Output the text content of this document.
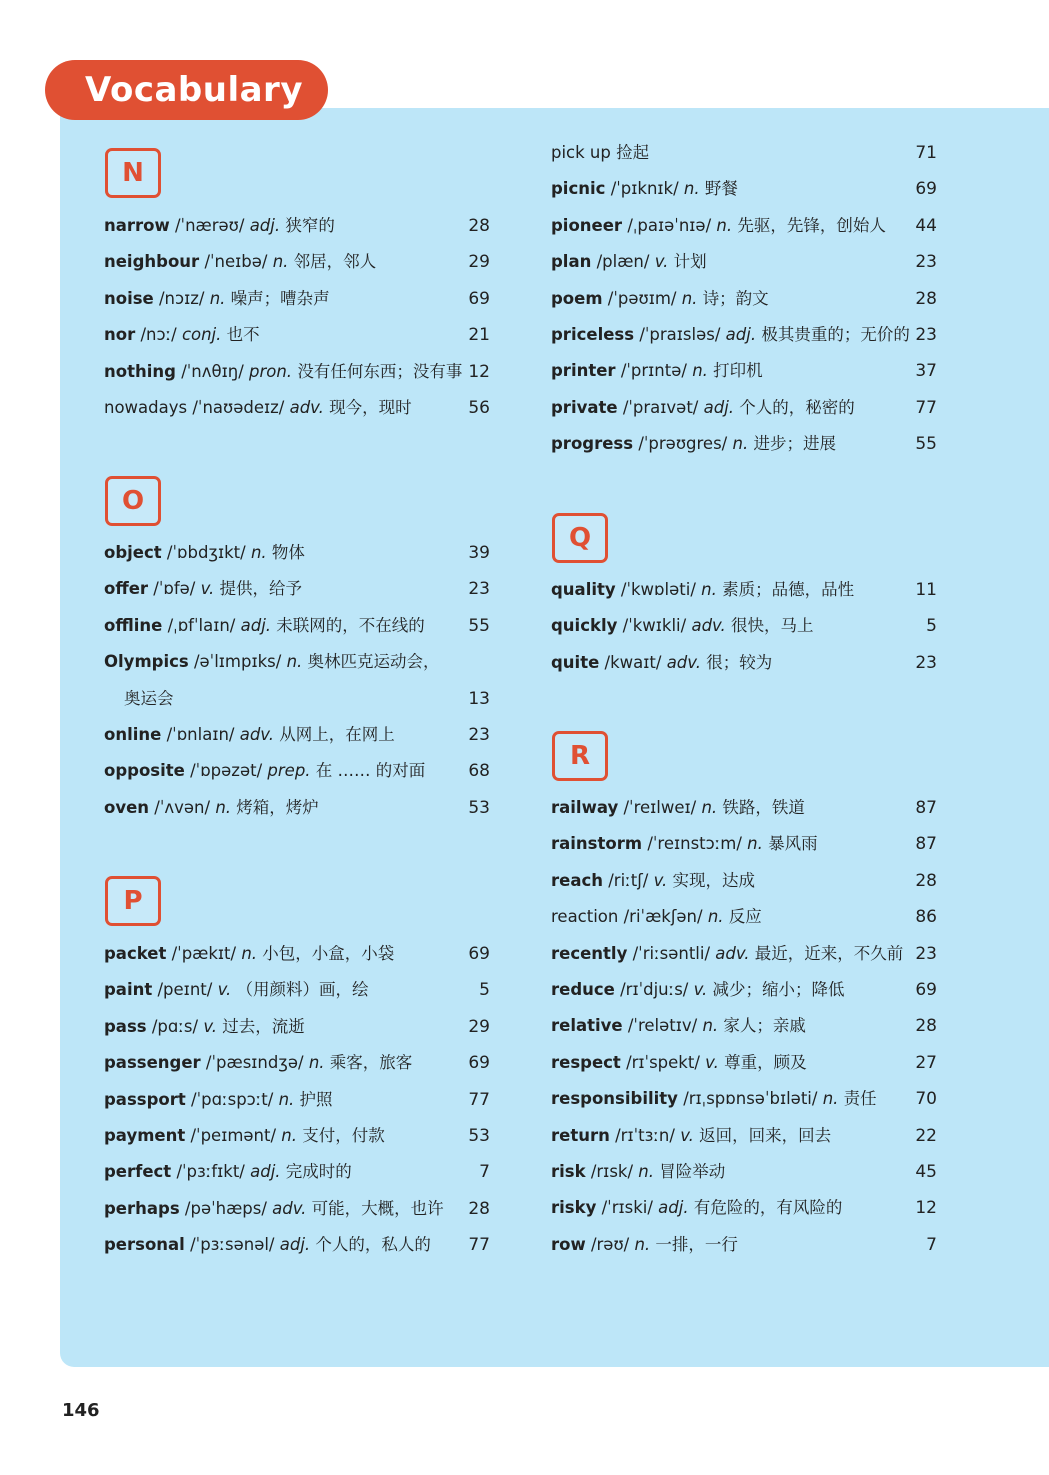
Vocabulary
N
O
P
Q
R
narrow /ˈnærəʊ/ adj. 狭窄的	28
neighbour /ˈneɪbə/ n. 邻居，邻人	29
noise /nɔɪz/ n. 噪声；嘈杂声	69
nor /nɔː/ conj. 也不	21
nothing /ˈnʌθɪŋ/ pron. 没有任何东西；没有事 12
nowadays /ˈnaʊədeɪz/ adv. 现今，现时	56
object /ˈɒbdʒɪkt/ n. 物体	39
offer /ˈɒfə/ v. 提供，给予	23
offline /ˌɒfˈlaɪn/ adj. 未联网的，不在线的	55
Olympics /əˈlɪmpɪks/ n. 奥林匹克运动会，
奥运会	13
online /ˈɒnlaɪn/ adv. 从网上，在网上	23
opposite /ˈɒpəzət/ prep. 在 …… 的对面	68
oven /ˈʌvən/ n. 烤箱，烤炉	53
packet /ˈpækɪt/ n. 小包，小盒，小袋	69
paint /peɪnt/ v. （用颜料）画，绘	5
pass /pɑːs/ v. 过去，流逝	29
passenger /ˈpæsɪndʒə/ n. 乘客，旅客	69
passport /ˈpɑːspɔːt/ n. 护照	77
payment /ˈpeɪmənt/ n. 支付，付款	53
perfect /ˈpɜːfɪkt/ adj. 完成时的	7
perhaps /pəˈhæps/ adv. 可能，大概，也许	28
personal /ˈpɜːsənəl/ adj. 个人的，私人的	77
pick up 捡起	71
picnic /ˈpɪknɪk/ n. 野餐	69
pioneer /ˌpaɪəˈnɪə/ n. 先驱，先锋，创始人	44
plan /plæn/ v. 计划	23
poem /ˈpəʊɪm/ n. 诗；韵文	28
priceless /ˈpraɪsləs/ adj. 极其贵重的；无价的 23
printer /ˈprɪntə/ n. 打印机	37
private /ˈpraɪvət/ adj. 个人的，秘密的	77
progress /ˈprəʊgres/ n. 进步；进展	55
quality /ˈkwɒləti/ n. 素质；品德，品性	11
quickly /ˈkwɪkli/ adv. 很快，马上	5
quite /kwaɪt/ adv. 很；较为	23
railway /ˈreɪlweɪ/ n. 铁路，铁道	87
rainstorm /ˈreɪnstɔːm/ n. 暴风雨	87
reach /riːtʃ/ v. 实现，达成	28
reaction /riˈækʃən/ n. 反应	86
recently /ˈriːsəntli/ adv. 最近，近来，不久前 23
reduce /rɪˈdjuːs/ v. 减少；缩小；降低	69
relative /ˈrelətɪv/ n. 家人；亲戚	28
respect /rɪˈspekt/ v. 尊重，顾及	27
responsibility /rɪˌspɒnsəˈbɪləti/ n. 责任	70
return /rɪˈtɜːn/ v. 返回，回来，回去	22
risk /rɪsk/ n. 冒险举动	45
risky /ˈrɪski/ adj. 有危险的，有风险的	12
row /rəʊ/ n. 一排，一行	7
146
